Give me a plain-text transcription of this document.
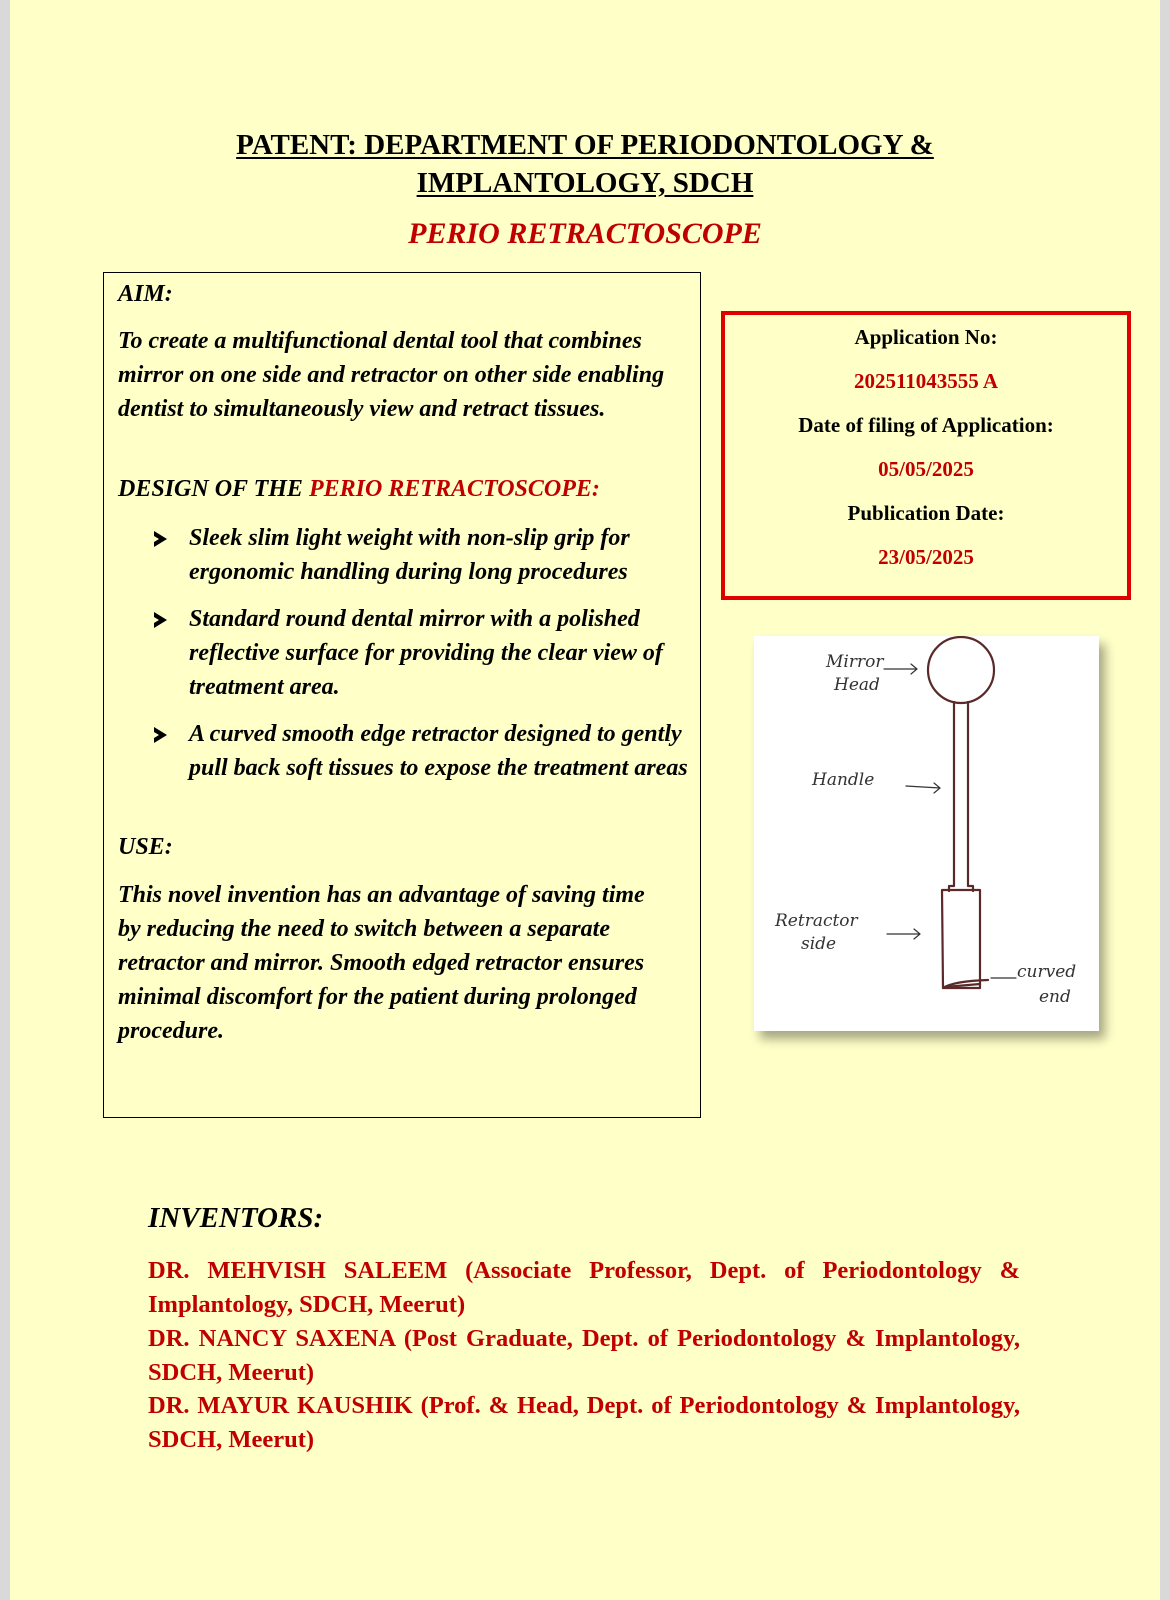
PATENT: DEPARTMENT OF PERIODONTOLOGY &
IMPLANTOLOGY, SDCH
PERIO RETRACTOSCOPE
AIM:
To create a multifunctional dental tool that combines mirror on one side and retractor on other side enabling dentist to simultaneously view and retract tissues.
DESIGN OF THE PERIO RETRACTOSCOPE:
Sleek slim light weight with non-slip grip for ergonomic handling during long procedures
Standard round dental mirror with a polished reflective surface for providing the clear view of treatment area.
A curved smooth edge retractor designed to gently pull back soft tissues to expose the treatment areas
USE:
This novel invention has an advantage of saving time by reducing the need to switch between a separate retractor and mirror. Smooth edged retractor ensures minimal discomfort for the patient during prolonged procedure.
Application No:
202511043555 A
Date of filing of Application:
05/05/2025
Publication Date:
23/05/2025
Mirror
Head
Handle
Retractor
side
curved
end
INVENTORS:
DR. MEHVISH SALEEM (Associate Professor, Dept. of Periodontology & Implantology, SDCH, Meerut)
DR. NANCY SAXENA (Post Graduate, Dept. of Periodontology & Implantology, SDCH, Meerut)
DR. MAYUR KAUSHIK (Prof. & Head, Dept. of Periodontology & Implantology, SDCH, Meerut)
